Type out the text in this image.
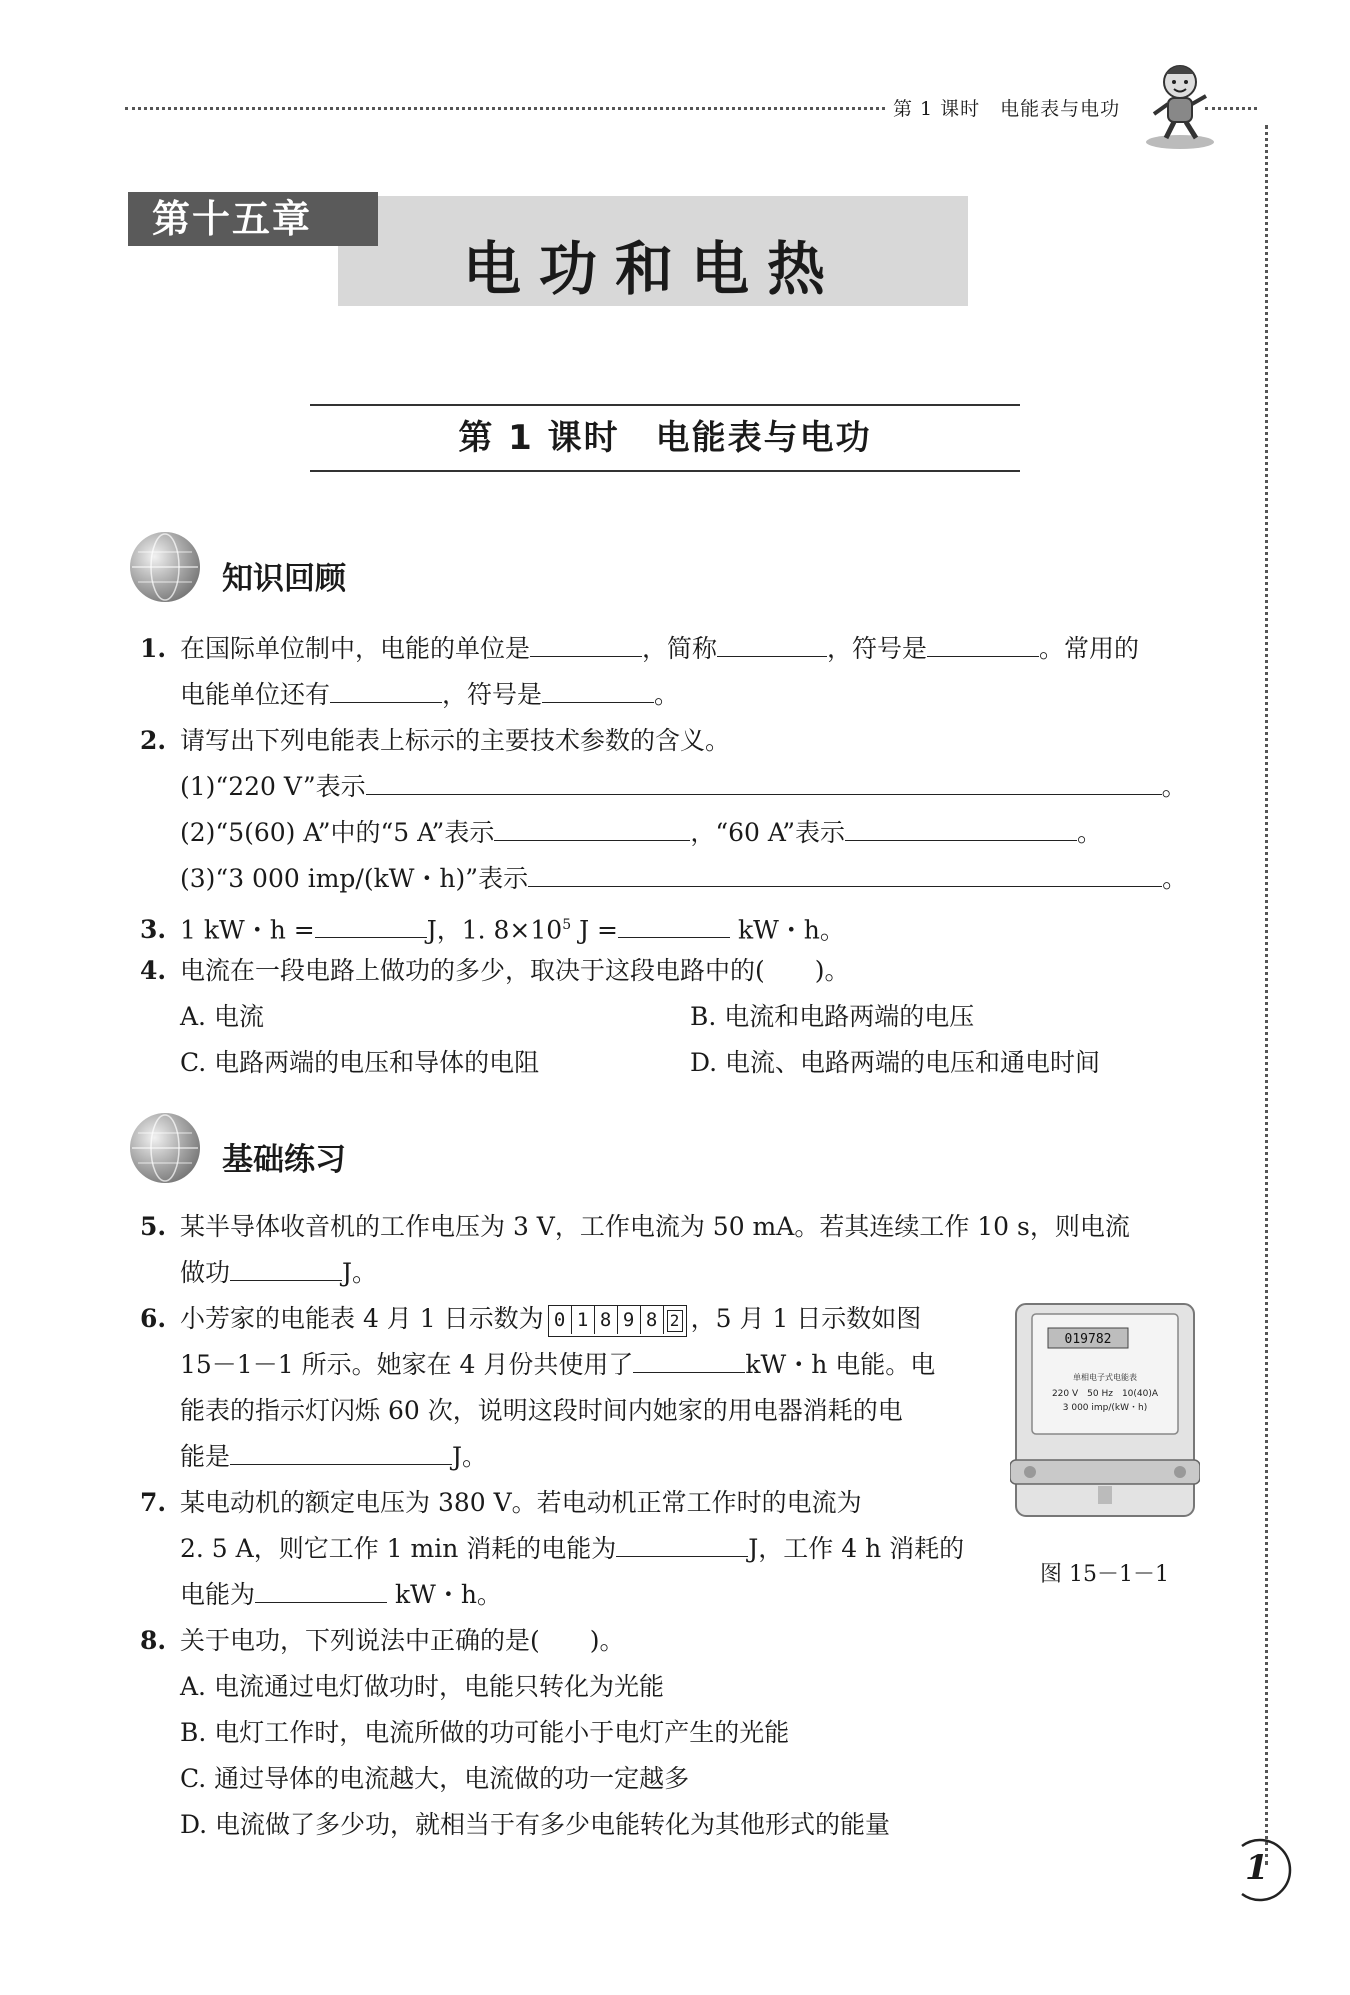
第 1 课时　电能表与电功
第十五章
电功和电热
第 1 课时　电能表与电功
知识回顾
1. 在国际单位制中，电能的单位是	，简称	，符号是	。常用的
电能单位还有	，符号是	。
2. 请写出下列电能表上标示的主要技术参数的含义。
(1)“220 V”表示	。
(2)“5(60) A”中的“5 A”表示	，“60 A”表示	。
(3)“3 000 imp/(kW・h)”表示	。
3. 1 kW・h =	J，1. $8\times 10^5$ J =	kW・h。
4. 电流在一段电路上做功的多少，取决于这段电路中的(　　)。
A. 电流	B. 电流和电路两端的电压
C. 电路两端的电压和导体的电阻	D. 电流、电路两端的电压和通电时间
基础练习
5. 某半导体收音机的工作电压为 3 V，工作电流为 50 mA。若其连续工作 10 s，则电流
做功	J。
6. 小芳家的电能表 4 月 1 日示数为 0 1 8 9 8 2 ，5 月 1 日示数如图
15－1－1 所示。她家在 4 月份共使用了	kW・h 电能。电
能表的指示灯闪烁 60 次，说明这段时间内她家的用电器消耗的电
能是	J。
019782
单相电子式电能表
220 V　50 Hz　10(40)A
3 000 imp/(kW・h)
图 15－1－1
7. 某电动机的额定电压为 380 V。若电动机正常工作时的电流为
2. 5 A，则它工作 1 min 消耗的电能为	J，工作 4 h 消耗的
电能为	kW・h。
8. 关于电功，下列说法中正确的是(　　)。
A. 电流通过电灯做功时，电能只转化为光能
B. 电灯工作时，电流所做的功可能小于电灯产生的光能
C. 通过导体的电流越大，电流做的功一定越多
D. 电流做了多少功，就相当于有多少电能转化为其他形式的能量
1
